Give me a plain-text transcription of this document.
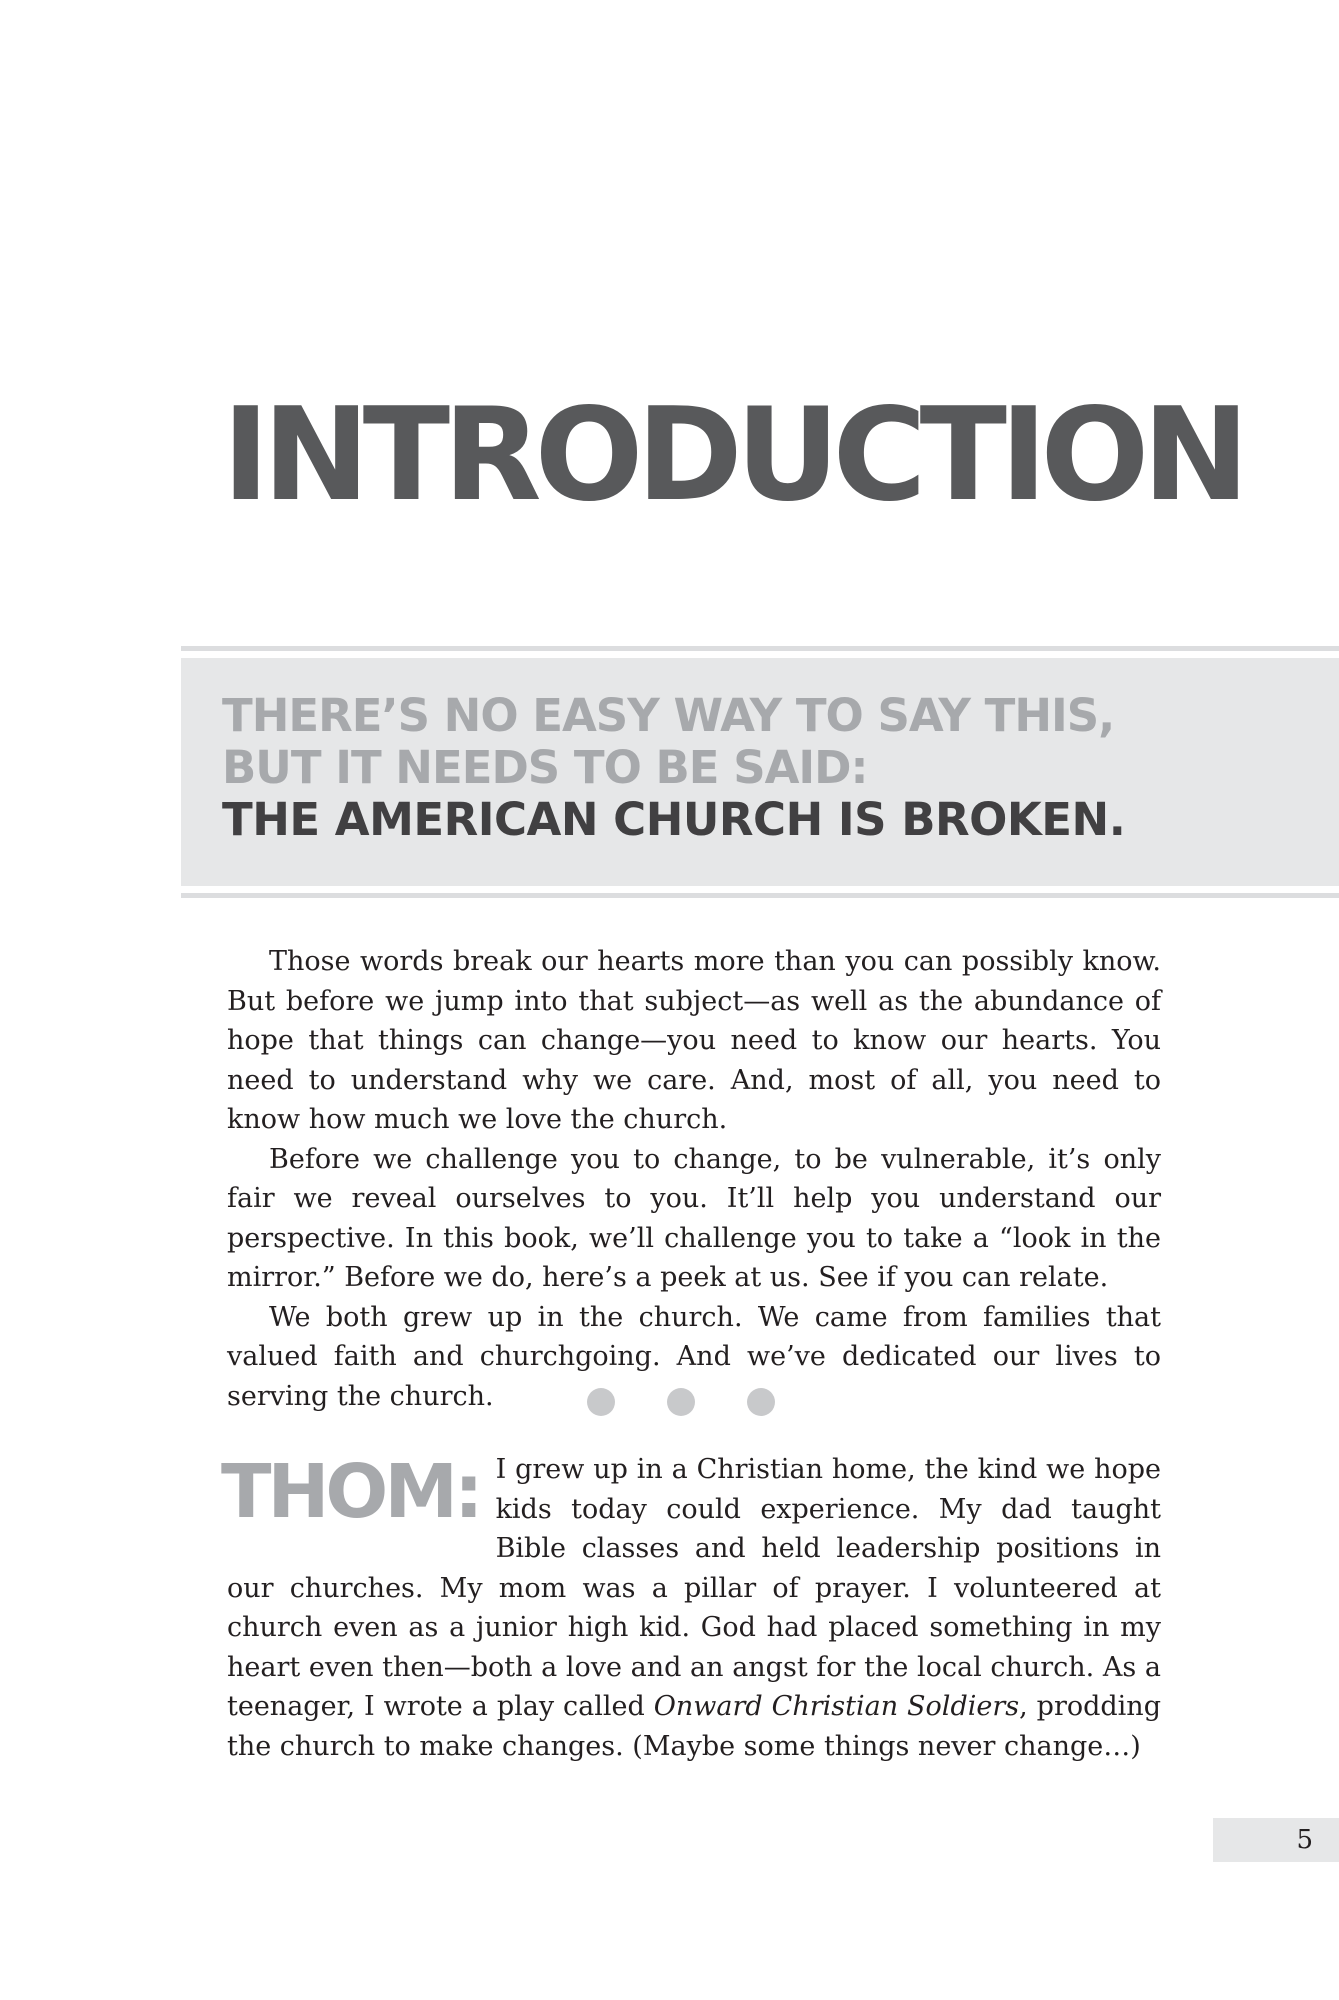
INTRODUCTION
THERE’S NO EASY WAY TO SAY THIS,
BUT IT NEEDS TO BE SAID:
THE AMERICAN CHURCH IS BROKEN.

Those words break our hearts more than you can possibly know. But before we jump into that subject—as well as the abundance of hope that things can change—you need to know our hearts. You need to understand why we care. And, most of all, you need to know how much we love the church.

Before we challenge you to change, to be vulnerable, it’s only fair we reveal ourselves to you. It’ll help you understand our perspective. In this book, we’ll challenge you to take a “look in the mirror.” Before we do, here’s a peek at us. See if you can relate.

We both grew up in the church. We came from families that valued faith and churchgoing. And we’ve dedicated our lives to serving the church.

THOM: I grew up in a Christian home, the kind we hope kids today could experience. My dad taught Bible classes and held leadership positions in our churches. My mom was a pillar of prayer. I volunteered at church even as a junior high kid. God had placed something in my heart even then—both a love and an angst for the local church. As a teenager, I wrote a play called Onward Christian Soldiers, prodding the church to make changes. (Maybe some things never change…)

5
